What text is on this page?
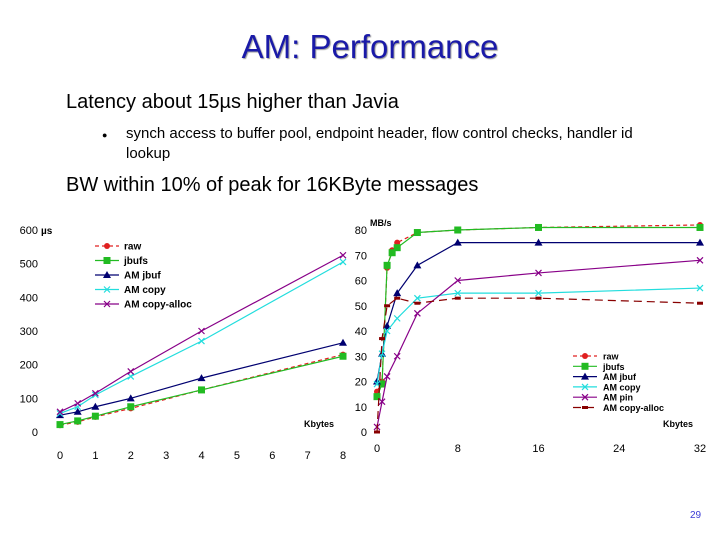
AM: Performance
Latency about 15µs higher than Javia
● synch access to buffer pool, endpoint header, flow control checks, handler id lookup
BW within 10% of peak for 16KByte messages
29
0
100
200
300
400
500
600 µs
0	1	2	3	4	5	6	7	8
Kbytes
raw
jbufs
AM jbuf
AM copy
AM copy-alloc
0
10
20
30
40
50
60
70
80
MB/s
0	8	16	24	32
Kbytes
raw
jbufs
AM jbuf
AM copy
AM pin
AM copy-alloc
